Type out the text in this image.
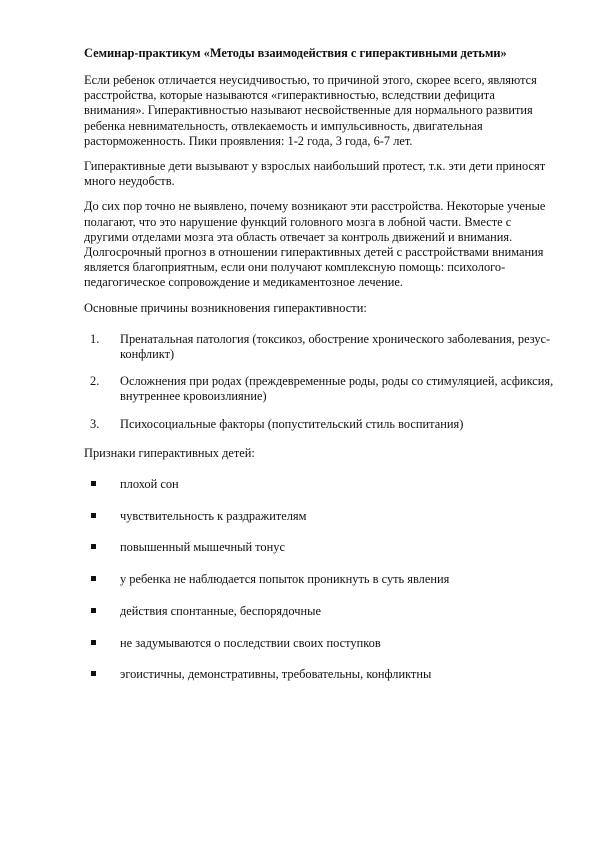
Семинар-практикум «Методы взаимодействия с гиперактивными детьми»

Если ребенок отличается неусидчивостью, то причиной этого, скорее всего, являются расстройства, которые называются «гиперактивностью, вследствии дефицита внимания». Гиперактивностью называют несвойственные для нормального развития ребенка невнимательность, отвлекаемость и импульсивность, двигательная расторможенность. Пики проявления: 1-2 года, 3 года, 6-7 лет.

Гиперактивные дети вызывают у взрослых наибольший протест, т.к. эти дети приносят много неудобств.

До сих пор точно не выявлено, почему возникают эти расстройства. Некоторые ученые полагают, что это нарушение функций головного мозга в лобной части. Вместе с другими отделами мозга эта область отвечает за контроль движений и внимания. Долгосрочный прогноз в отношении гиперактивных детей с расстройствами внимания является благоприятным, если они получают комплексную помощь: психолого-педагогическое сопровождение и медикаментозное лечение.

Основные причины возникновения гиперактивности:

1. Пренатальная патология (токсикоз, обострение хронического заболевания, резус-конфликт)
2. Осложнения при родах (преждевременные роды, роды со стимуляцией, асфиксия, внутреннее кровоизлияние)
3. Психосоциальные факторы (попустительский стиль воспитания)

Признаки гиперактивных детей:

плохой сон
чувствительность к раздражителям
повышенный мышечный тонус
у ребенка не наблюдается попыток проникнуть в суть явления
действия спонтанные, беспорядочные
не задумываются о последствии своих поступков
эгоистичны, демонстративны, требовательны, конфликтны
